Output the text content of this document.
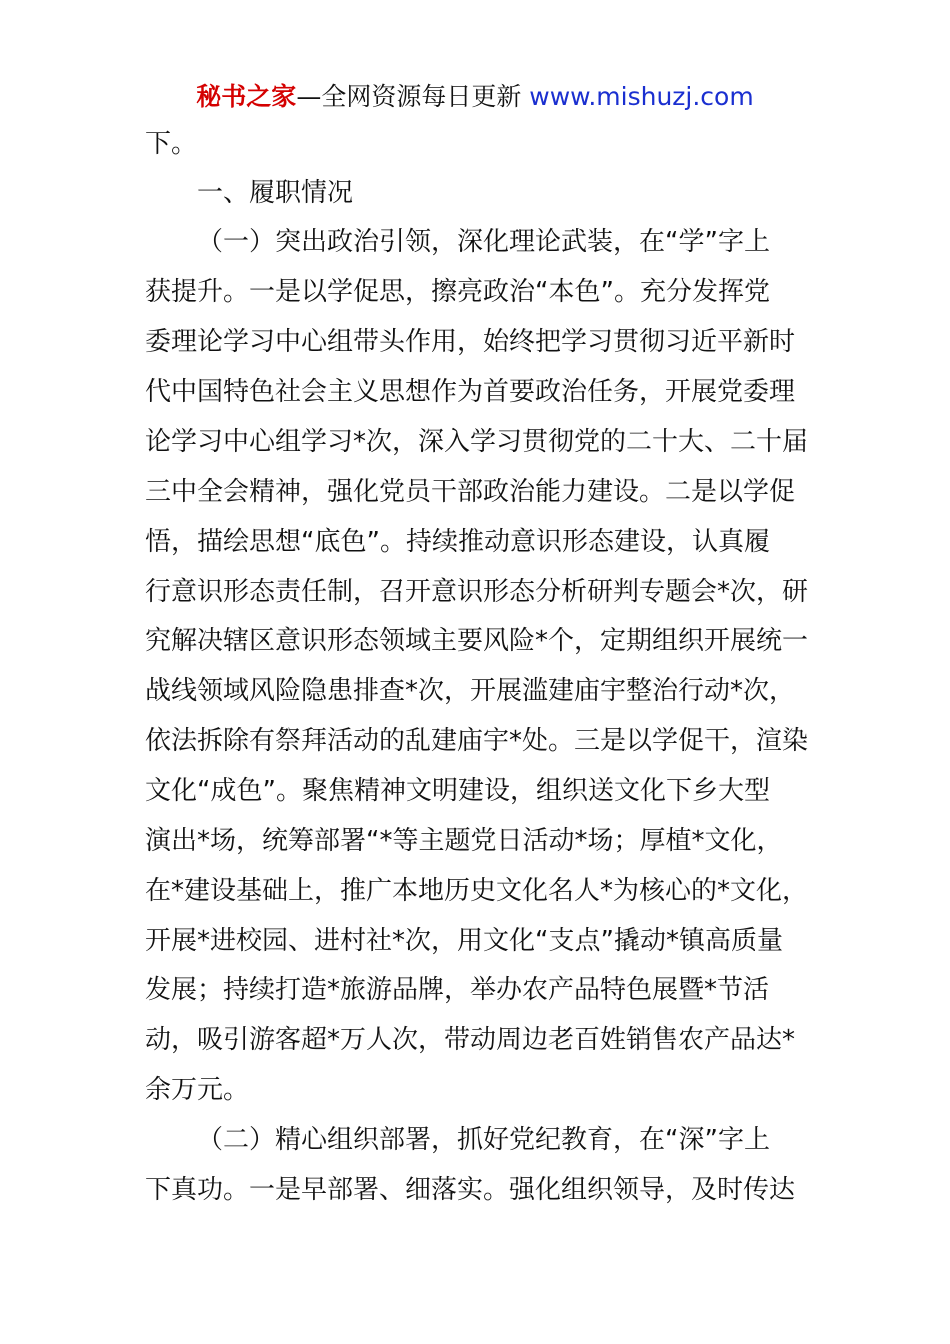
秘书之家—全网资源每日更新 www.mishuzj.com
下。
一、履职情况
（一）突出政治引领，深化理论武装，在“学”字上
获提升。一是以学促思，擦亮政治“本色”。充分发挥党
委理论学习中心组带头作用，始终把学习贯彻习近平新时
代中国特色社会主义思想作为首要政治任务，开展党委理
论学习中心组学习*次，深入学习贯彻党的二十大、二十届
三中全会精神，强化党员干部政治能力建设。二是以学促
悟，描绘思想“底色”。持续推动意识形态建设，认真履
行意识形态责任制，召开意识形态分析研判专题会*次，研
究解决辖区意识形态领域主要风险*个，定期组织开展统一
战线领域风险隐患排查*次，开展滥建庙宇整治行动*次，
依法拆除有祭拜活动的乱建庙宇*处。三是以学促干，渲染
文化“成色”。聚焦精神文明建设，组织送文化下乡大型
演出*场，统筹部署“*等主题党日活动*场；厚植*文化，
在*建设基础上，推广本地历史文化名人*为核心的*文化，
开展*进校园、进村社*次，用文化“支点”撬动*镇高质量
发展；持续打造*旅游品牌，举办农产品特色展暨*节活
动，吸引游客超*万人次，带动周边老百姓销售农产品达*
余万元。
（二）精心组织部署，抓好党纪教育，在“深”字上
下真功。一是早部署、细落实。强化组织领导，及时传达
